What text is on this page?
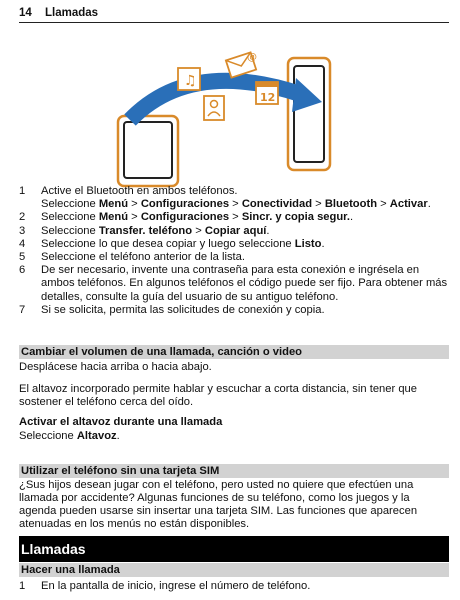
14 Llamadas
♫
@
12
1	Active el Bluetooth en ambos teléfonos.
Seleccione Menú > Configuraciones > Conectividad > Bluetooth > Activar.
2	Seleccione Menú > Configuraciones > Sincr. y copia segur..
3	Seleccione Transfer. teléfono > Copiar aquí.
4	Seleccione lo que desea copiar y luego seleccione Listo.
5	Seleccione el teléfono anterior de la lista.
6	De ser necesario, invente una contraseña para esta conexión e ingrésela en ambos teléfonos. En algunos teléfonos el código puede ser fijo. Para obtener más detalles, consulte la guía del usuario de su antiguo teléfono.
7	Si se solicita, permita las solicitudes de conexión y copia.
Cambiar el volumen de una llamada, canción o video
Desplácese hacia arriba o hacia abajo.
El altavoz incorporado permite hablar y escuchar a corta distancia, sin tener que sostener el teléfono cerca del oído.
Activar el altavoz durante una llamada
Seleccione Altavoz.
Utilizar el teléfono sin una tarjeta SIM
¿Sus hijos desean jugar con el teléfono, pero usted no quiere que efectúen una llamada por accidente? Algunas funciones de su teléfono, como los juegos y la agenda pueden usarse sin insertar una tarjeta SIM. Las funciones que aparecen atenuadas en los menús no están disponibles.
Llamadas
Hacer una llamada
1	En la pantalla de inicio, ingrese el número de teléfono.
